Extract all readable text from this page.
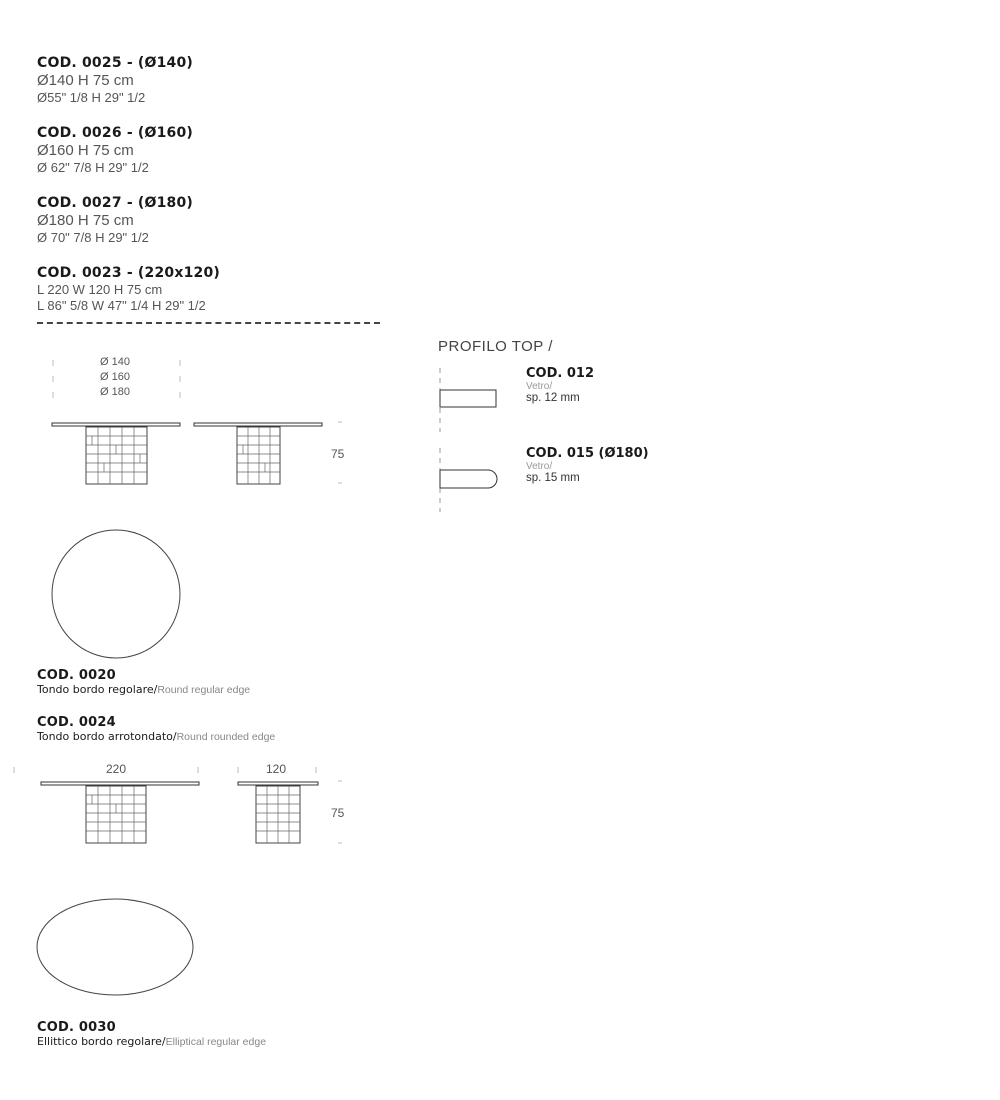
COD. 0025 - (Ø140)
Ø140 H 75 cm
Ø55" 1/8 H 29" 1/2
COD. 0026 - (Ø160)
Ø160 H 75 cm
Ø 62" 7/8 H 29" 1/2
COD. 0027 - (Ø180)
Ø180 H 75 cm
Ø 70" 7/8 H 29" 1/2
COD. 0023 - (220x120)
L 220 W 120 H 75 cm
L 86" 5/8 W 47" 1/4 H 29" 1/2
Ø 140
Ø 160
Ø 180
75
PROFILO TOP /
COD. 012
Vetro/
sp. 12 mm
COD. 015 (Ø180)
Vetro/
sp. 15 mm
COD. 0020
Tondo bordo regolare/Round regular edge
COD. 0024
Tondo bordo arrotondato/Round rounded edge
220	120
75
COD. 0030
Ellittico bordo regolare/Elliptical regular edge
